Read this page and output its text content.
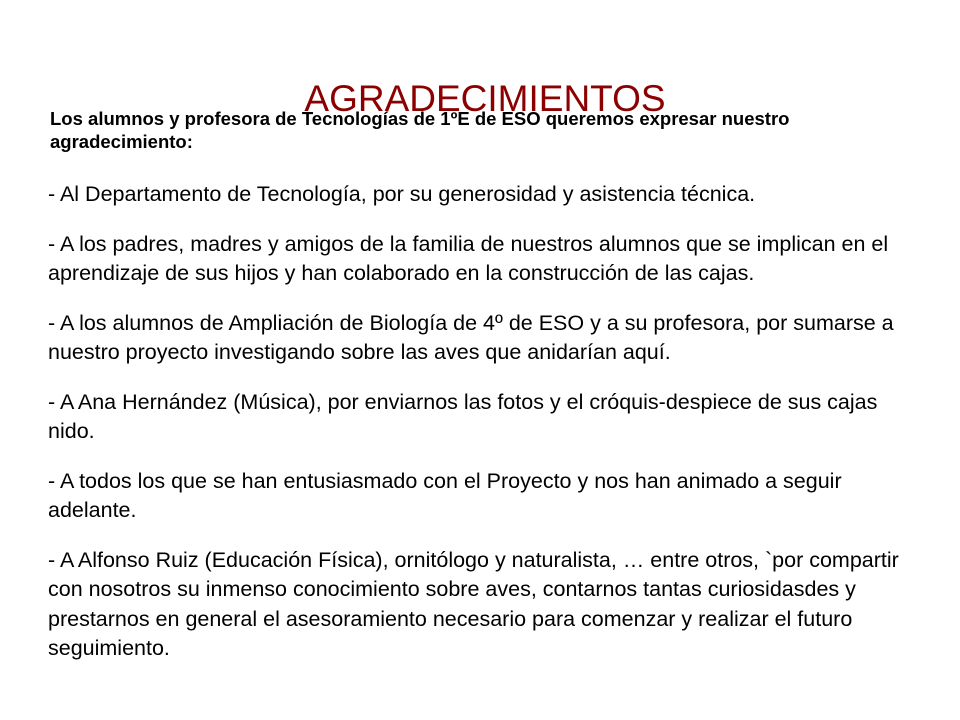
AGRADECIMIENTOS

Los alumnos y profesora de Tecnologías de 1ºE de ESO queremos expresar nuestro agradecimiento:

- Al Departamento de Tecnología, por su generosidad y asistencia técnica.
- A los padres, madres y amigos de la familia de nuestros alumnos que se implican en el aprendizaje de sus hijos y han colaborado en la construcción de las cajas.
- A los alumnos de Ampliación de Biología de 4º de ESO y a su profesora, por sumarse a nuestro proyecto investigando sobre las aves que anidarían aquí.
- A Ana Hernández (Música), por enviarnos las fotos y el cróquis-despiece de sus cajas nido.
- A todos los que se han entusiasmado con el Proyecto y nos han animado a seguir adelante.
- A Alfonso Ruiz (Educación Física), ornitólogo y naturalista, … entre otros, `por compartir con nosotros su inmenso conocimiento sobre aves, contarnos tantas curiosidasdes y prestarnos en general el asesoramiento necesario para comenzar y realizar el futuro seguimiento.
